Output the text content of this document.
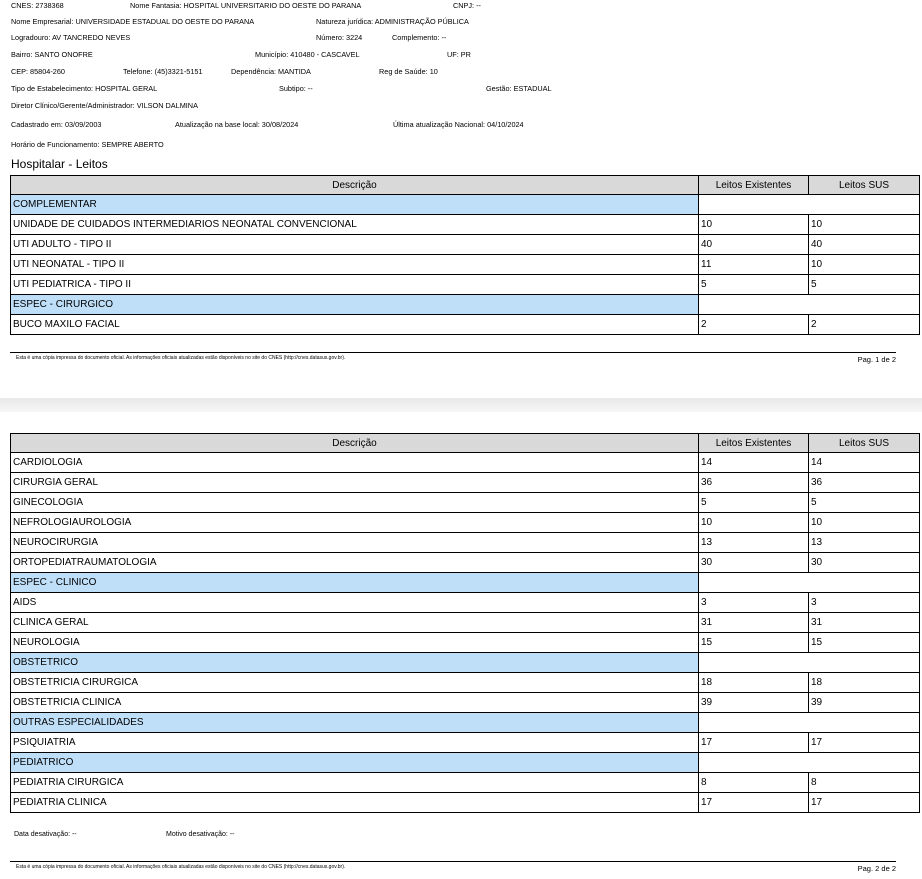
CNES: 2738368	Nome Fantasia: HOSPITAL UNIVERSITARIO DO OESTE DO PARANA	CNPJ: --
Nome Empresarial: UNIVERSIDADE ESTADUAL DO OESTE DO PARANA	Natureza jurídica: ADMINISTRAÇÃO PÚBLICA
Logradouro: AV TANCREDO NEVES	Número: 3224	Complemento: --
Bairro: SANTO ONOFRE	Município: 410480 - CASCAVEL	UF: PR
CEP: 85804-260	Telefone: (45)3321-5151	Dependência: MANTIDA	Reg de Saúde: 10
Tipo de Estabelecimento: HOSPITAL GERAL	Subtipo: --	Gestão: ESTADUAL
Diretor Clínico/Gerente/Administrador: VILSON DALMINA
Cadastrado em: 03/09/2003	Atualização na base local: 30/08/2024	Última atualização Nacional: 04/10/2024
Horário de Funcionamento: SEMPRE ABERTO
Hospitalar - Leitos
Descrição	Leitos Existentes	Leitos SUS
COMPLEMENTAR		
UNIDADE DE CUIDADOS INTERMEDIARIOS NEONATAL CONVENCIONAL	10	10
UTI ADULTO - TIPO II	40	40
UTI NEONATAL - TIPO II	11	10
UTI PEDIATRICA - TIPO II	5	5
ESPEC - CIRURGICO		
BUCO MAXILO FACIAL	2	2
Esta é uma cópia impressa do documento oficial. As informações oficiais atualizadas estão disponíveis no site do CNES (http://cnes.datasus.gov.br).	Pag. 1 de 2
Descrição	Leitos Existentes	Leitos SUS
CARDIOLOGIA	14	14
CIRURGIA GERAL	36	36
GINECOLOGIA	5	5
NEFROLOGIAUROLOGIA	10	10
NEUROCIRURGIA	13	13
ORTOPEDIATRAUMATOLOGIA	30	30
ESPEC - CLINICO		
AIDS	3	3
CLINICA GERAL	31	31
NEUROLOGIA	15	15
OBSTETRICO		
OBSTETRICIA CIRURGICA	18	18
OBSTETRICIA CLINICA	39	39
OUTRAS ESPECIALIDADES		
PSIQUIATRIA	17	17
PEDIATRICO		
PEDIATRIA CIRURGICA	8	8
PEDIATRIA CLINICA	17	17
Data desativação: --	Motivo desativação: --
Esta é uma cópia impressa do documento oficial. As informações oficiais atualizadas estão disponíveis no site do CNES (http://cnes.datasus.gov.br).	Pag. 2 de 2
